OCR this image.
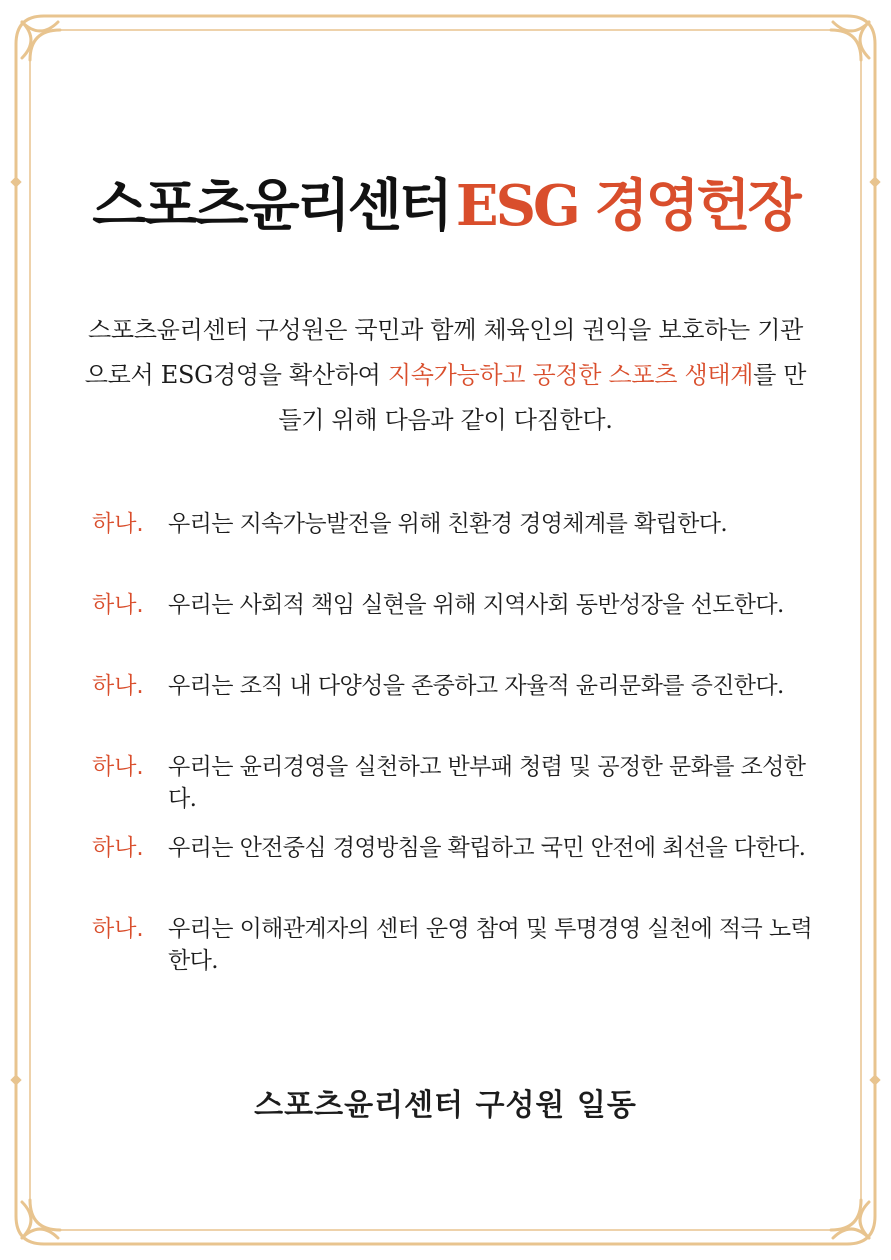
스포츠윤리센터 ESG 경영헌장
스포츠윤리센터 구성원은 국민과 함께 체육인의 권익을 보호하는 기관으로서 ESG경영을 확산하여 지속가능하고 공정한 스포츠 생태계를 만들기 위해 다음과 같이 다짐한다.
하나.	우리는 지속가능발전을 위해 친환경 경영체계를 확립한다.
하나.	우리는 사회적 책임 실현을 위해 지역사회 동반성장을 선도한다.
하나.	우리는 조직 내 다양성을 존중하고 자율적 윤리문화를 증진한다.
하나.	우리는 윤리경영을 실천하고 반부패 청렴 및 공정한 문화를 조성한다.
하나.	우리는 안전중심 경영방침을 확립하고 국민 안전에 최선을 다한다.
하나.	우리는 이해관계자의 센터 운영 참여 및 투명경영 실천에 적극 노력한다.
스포츠윤리센터 구성원 일동
